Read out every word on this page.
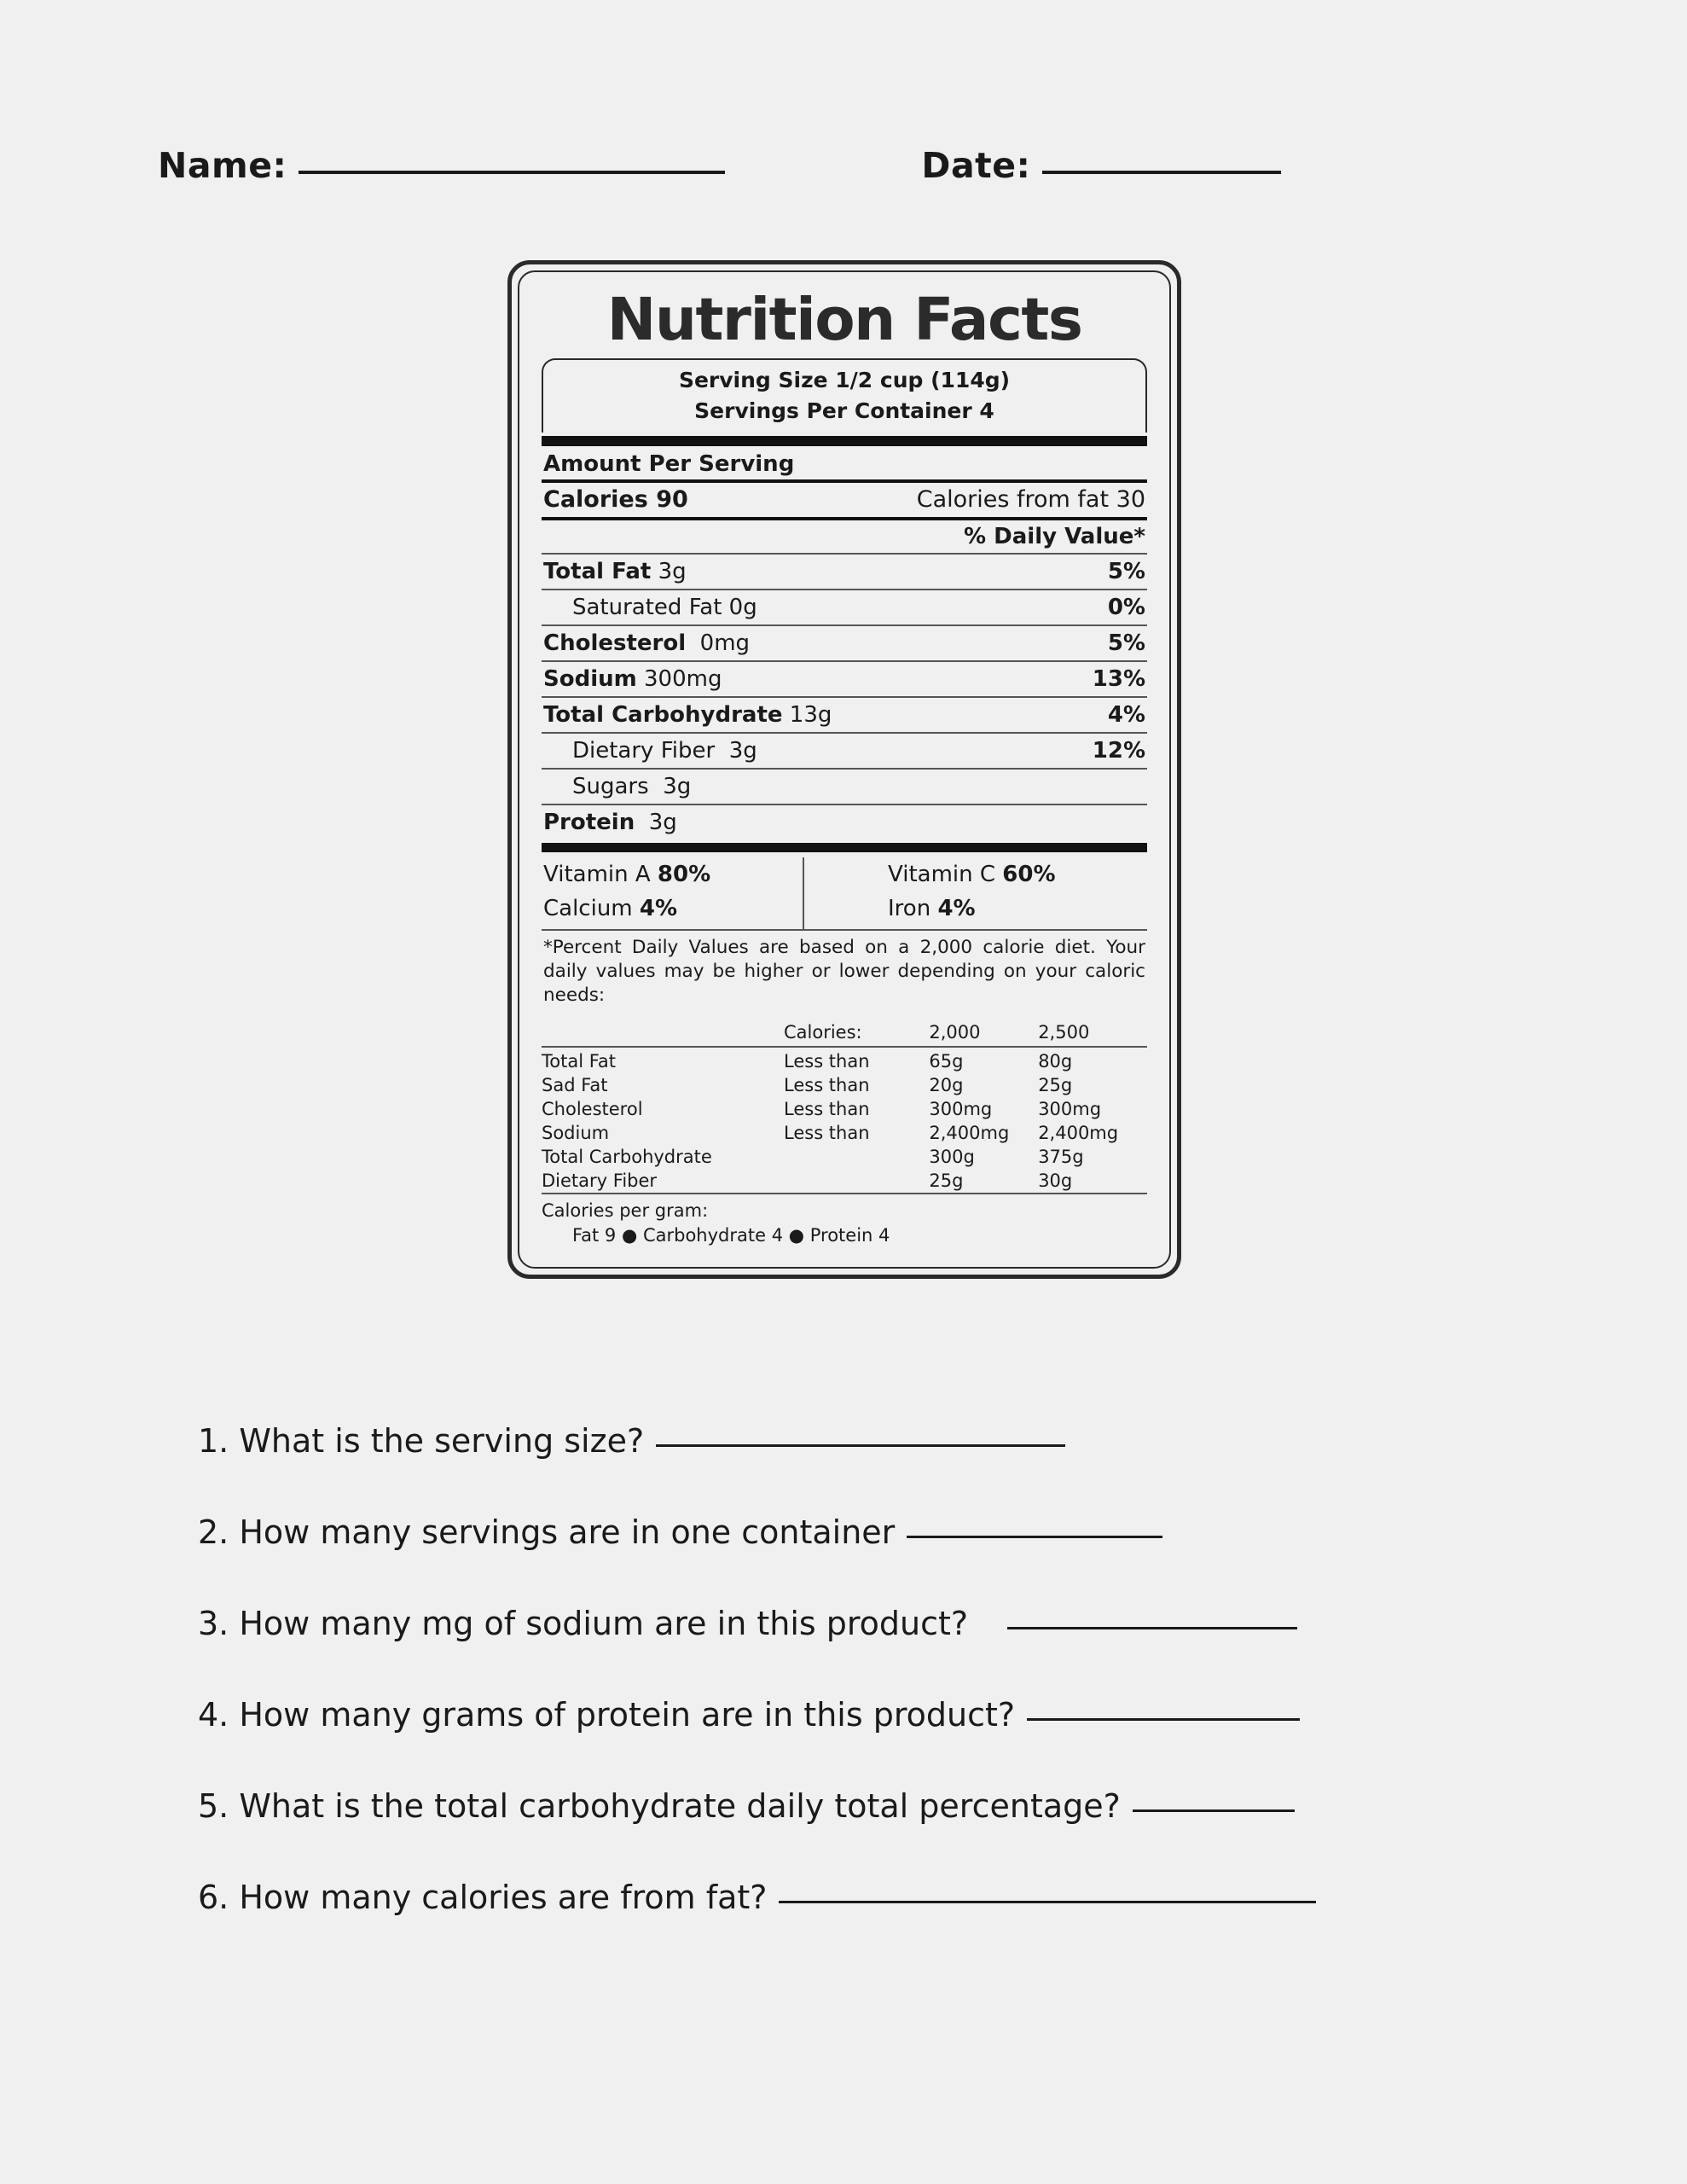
Name:	Date:
Nutrition Facts
Serving Size 1/2 cup (114g)
Servings Per Container 4
Amount Per Serving
Calories 90	Calories from fat 30
% Daily Value*
Total Fat 3g	5%
Saturated Fat 0g	0%
Cholesterol 0mg	5%
Sodium 300mg	13%
Total Carbohydrate 13g	4%
Dietary Fiber 3g	12%
Sugars 3g
Protein 3g
Vitamin A 80%
Calcium 4%
Vitamin C 60%
Iron 4%
*Percent Daily Values are based on a 2,000 calorie diet. Your daily values may be higher or lower depending on your caloric needs:
	Calories:	2,000	2,500

Total Fat	Less than	65g	80g
Sad Fat	Less than	20g	25g
Cholesterol	Less than	300mg	300mg
Sodium	Less than	2,400mg	2,400mg
Total Carbohydrate		300g	375g
Dietary Fiber		25g	30g
Calories per gram:
Fat 9 ● Carbohydrate 4 ● Protein 4
1. What is the serving size?
2. How many servings are in one container
3. How many mg of sodium are in this product?
4. How many grams of protein are in this product?
5. What is the total carbohydrate daily total percentage?
6. How many calories are from fat?
